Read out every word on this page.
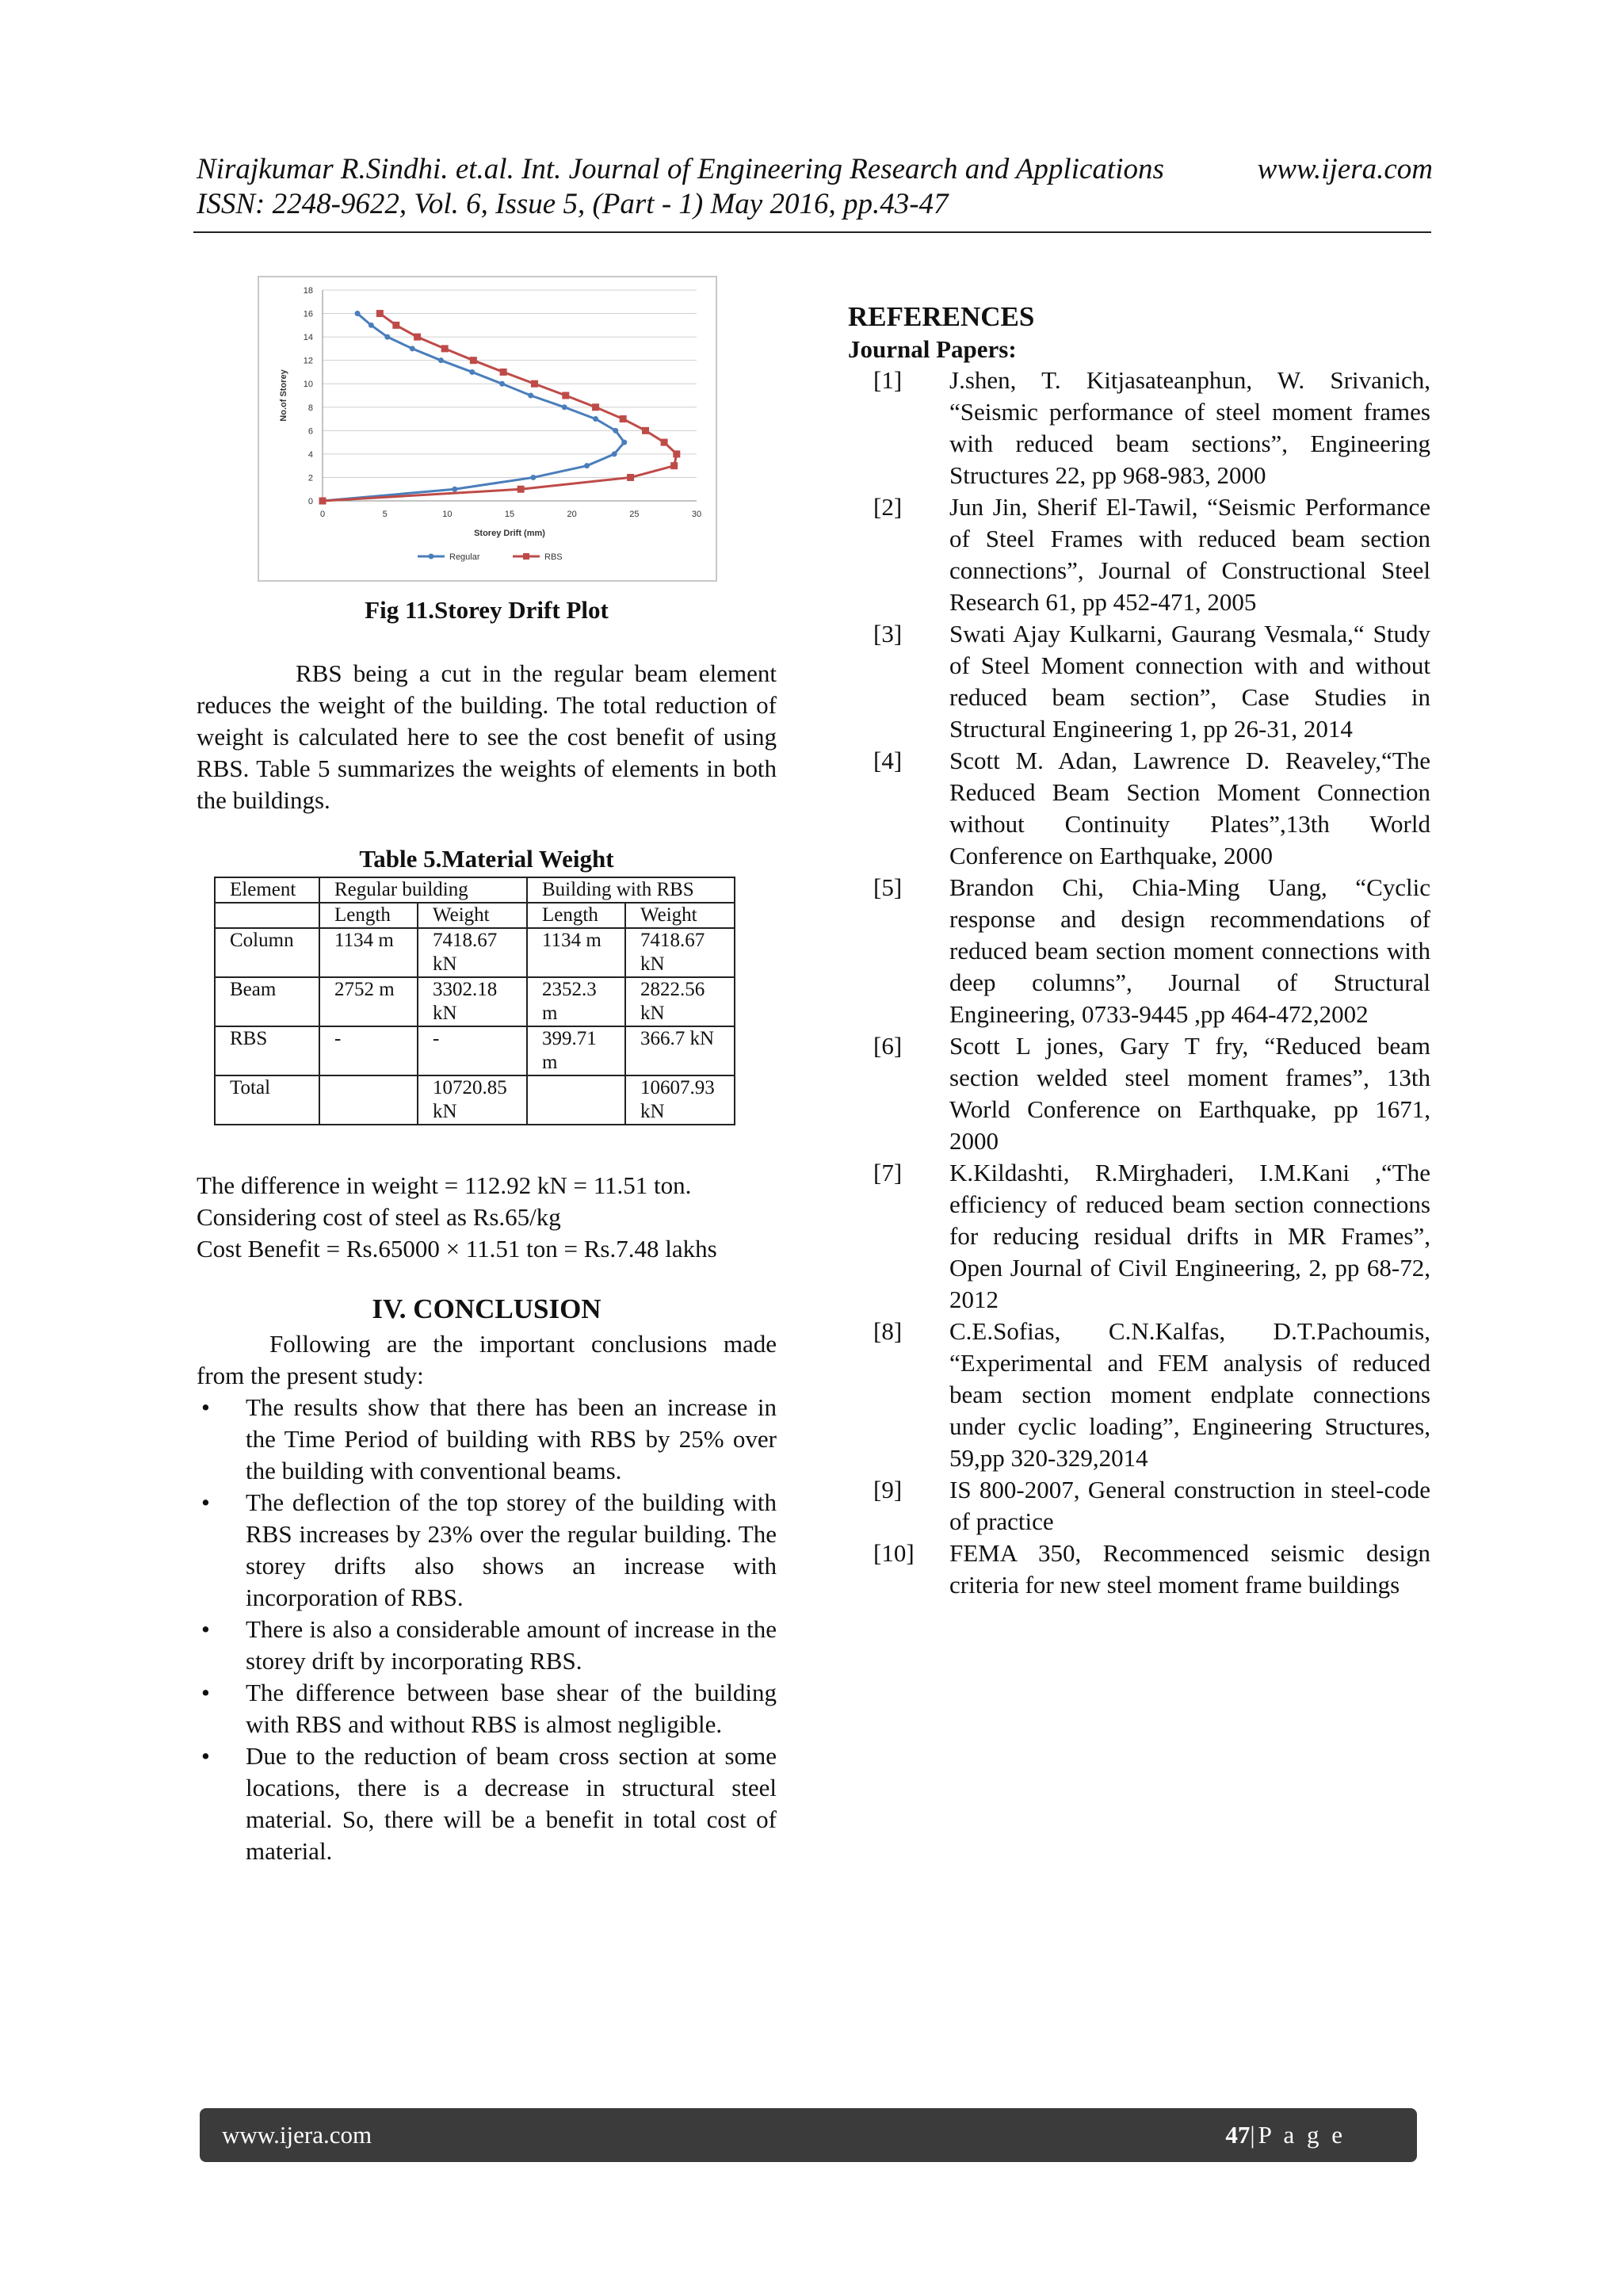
Nirajkumar R.Sindhi. et.al. Int. Journal of Engineering Research and Applications	www.ijera.com
ISSN: 2248-9622, Vol. 6, Issue 5, (Part - 1) May 2016, pp.43-47
0
2
4
6
8
10
12
14
16
18
0	5	10	15	20	25	30
Storey Drift (mm)
No.of Storey
Regular	RBS
Fig 11.Storey Drift Plot

RBS being a cut in the regular beam element reduces the weight of the building. The total reduction of weight is calculated here to see the cost benefit of using RBS. Table 5 summarizes the weights of elements in both the buildings.

Table 5.Material Weight
Element	Regular building		Building with RBS	
	Length	Weight	Length	Weight
Column	1134 m	7418.67 kN	1134 m	7418.67 kN
Beam	2752 m	3302.18 kN	2352.3 m	2822.56 kN
RBS	-	-	399.71 m	366.7 kN
Total		10720.85 kN		10607.93 kN
The difference in weight = 112.92 kN = 11.51 ton.
Considering cost of steel as Rs.65/kg
Cost Benefit = Rs.65000 × 11.51 ton = Rs.7.48 lakhs
IV. CONCLUSION

Following are the important conclusions made from the present study:

• The results show that there has been an increase in the Time Period of building with RBS by 25% over the building with conventional beams.
• The deflection of the top storey of the building with RBS increases by 23% over the regular building. The storey drifts also shows an increase with incorporation of RBS.
• There is also a considerable amount of increase in the storey drift by incorporating RBS.
• The difference between base shear of the building with RBS and without RBS is almost negligible.
• Due to the reduction of beam cross section at some locations, there is a decrease in structural steel material. So, there will be a benefit in total cost of material.
REFERENCES
Journal Papers:
[1]	J.shen, T. Kitjasateanphun, W. Srivanich, “Seismic performance of steel moment frames with reduced beam sections”, Engineering Structures 22, pp 968-983, 2000
[2]	Jun Jin, Sherif El-Tawil, “Seismic Performance of Steel Frames with reduced beam section connections”, Journal of Constructional Steel Research 61, pp 452-471, 2005
[3]	Swati Ajay Kulkarni, Gaurang Vesmala,“ Study of Steel Moment connection with and without reduced beam section”, Case Studies in Structural Engineering 1, pp 26-31, 2014
[4]	Scott M. Adan, Lawrence D. Reaveley,“The Reduced Beam Section Moment Connection without Continuity Plates”,13th World Conference on Earthquake, 2000
[5]	Brandon Chi, Chia-Ming Uang, “Cyclic response and design recommendations of reduced beam section moment connections with deep columns”, Journal of Structural Engineering, 0733-9445 ,pp 464-472,2002
[6]	Scott L jones, Gary T fry, “Reduced beam section welded steel moment frames”, 13th World Conference on Earthquake, pp 1671, 2000
[7]	K.Kildashti, R.Mirghaderi, I.M.Kani ,“The efficiency of reduced beam section connections for reducing residual drifts in MR Frames”, Open Journal of Civil Engineering, 2, pp 68-72, 2012
[8]	C.E.Sofias, C.N.Kalfas, D.T.Pachoumis, “Experimental and FEM analysis of reduced beam section moment endplate connections under cyclic loading”, Engineering Structures, 59,pp 320-329,2014
[9]	IS 800-2007, General construction in steel-code of practice
[10]	FEMA 350, Recommenced seismic design criteria for new steel moment frame buildings
www.ijera.com	47|P a g e
